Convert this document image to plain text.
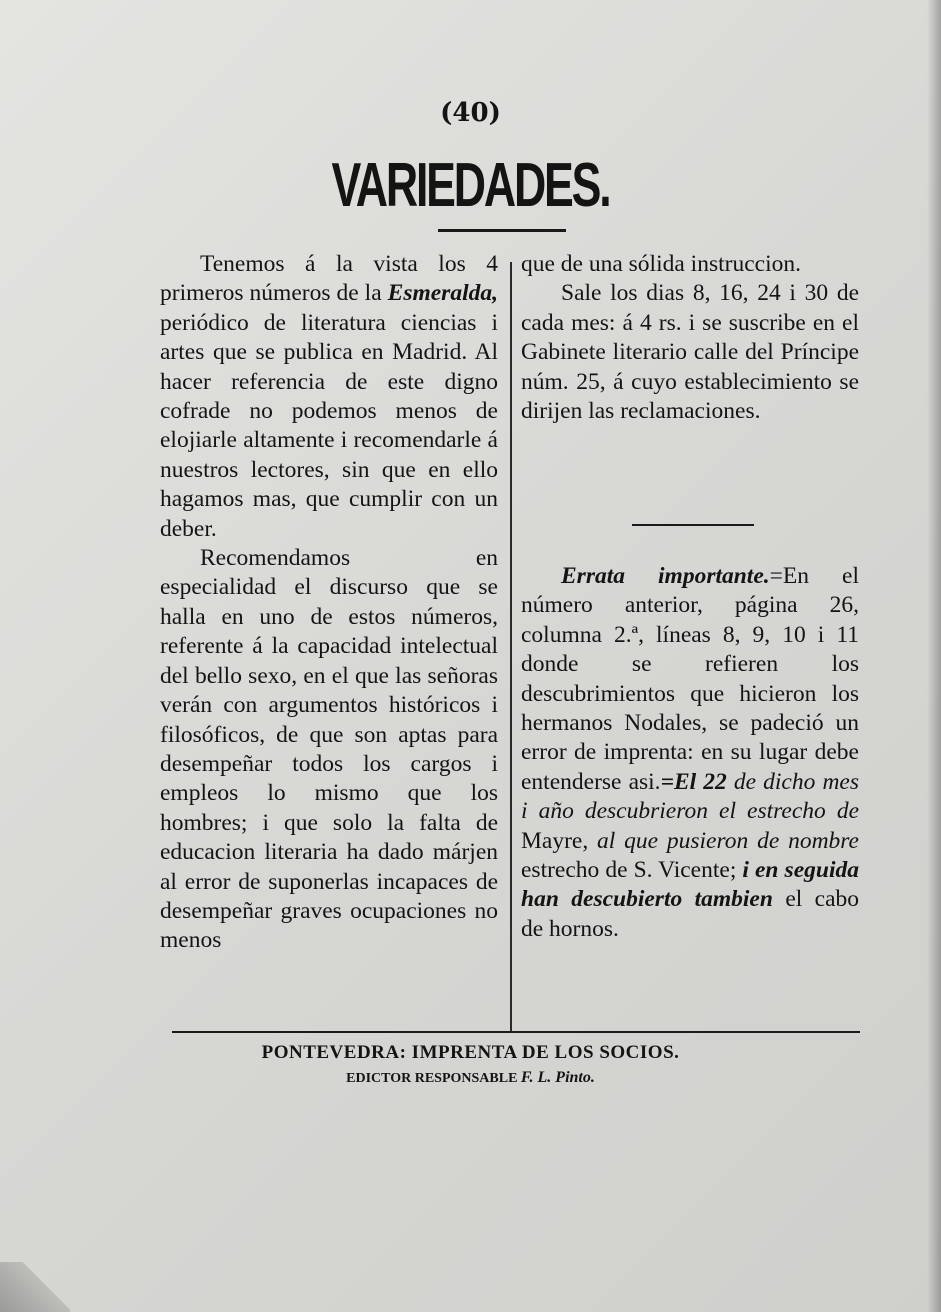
(40)
VARIEDADES.

Tenemos á la vista los 4 primeros números de la Esmeralda, periódico de literatura ciencias i artes que se publica en Madrid. Al hacer referencia de este digno cofrade no podemos menos de elojiarle altamente i recomendarle á nuestros lectores, sin que en ello hagamos mas, que cumplir con un deber.

Recomendamos en especialidad el discurso que se halla en uno de estos números, referente á la capacidad intelectual del bello sexo, en el que las señoras verán con argumentos históricos i filosóficos, de que son aptas para desempeñar todos los cargos i empleos lo mismo que los hombres; i que solo la falta de educacion literaria ha dado márjen al error de suponerlas incapaces de desempeñar graves ocupaciones no menos

que de una sólida instruccion.

Sale los dias 8, 16, 24 i 30 de cada mes: á 4 rs. i se suscribe en el Gabinete literario calle del Príncipe núm. 25, á cuyo establecimiento se dirijen las reclamaciones.

Errata importante.=En el número anterior, página 26, columna 2.ª, líneas 8, 9, 10 i 11 donde se refieren los descubrimientos que hicieron los hermanos Nodales, se padeció un error de imprenta: en su lugar debe entenderse asi.=El 22 de dicho mes i año descubrieron el estrecho de Mayre, al que pusieron de nombre estrecho de S. Vicente; i en seguida han descubierto tambien el cabo de hornos.

PONTEVEDRA: IMPRENTA DE LOS SOCIOS.
EDICTOR RESPONSABLE F. L. Pinto.
